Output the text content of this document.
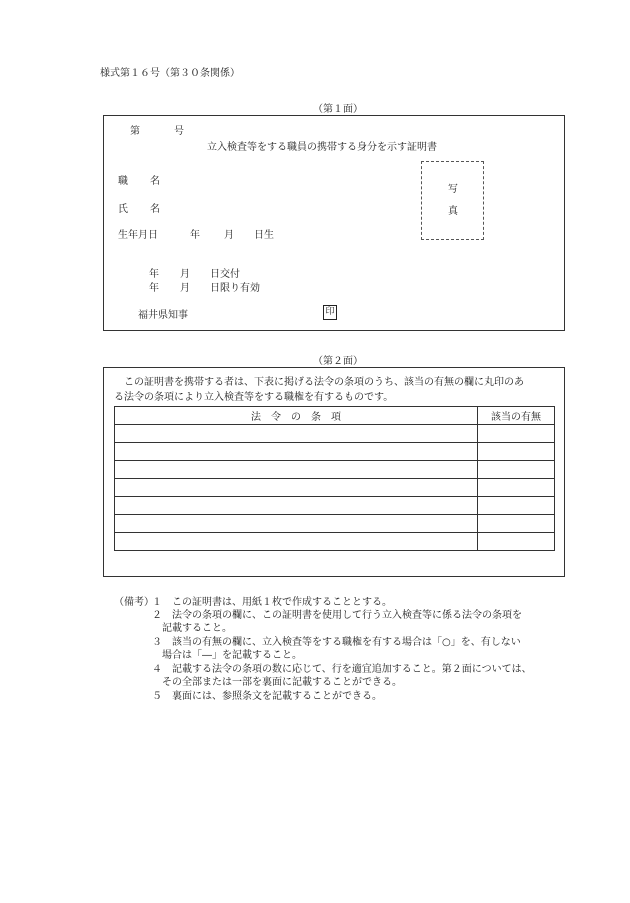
様式第１６号（第３０条関係）
（第１面）
第	号
立入検査等をする職員の携帯する身分を示す証明書
職 名
氏 名
生年月日	年 月 日生
写
真
年 月 日交付
年 月 日限り有効
福井県知事	印
（第２面）
この証明書を携帯する者は、下表に掲げる法令の条項のうち、該当の有無の欄に丸印のあ
る法令の条項により立入検査等をする職権を有するものです。
法　令　の　条　項	該当の有無

（備考）
１　この証明書は、用紙１枚で作成することとする。
２　法令の条項の欄に、この証明書を使用して行う立入検査等に係る法令の条項を
記載すること。
３　該当の有無の欄に、立入検査等をする職権を有する場合は「○」を、有しない
場合は「―」を記載すること。
４　記載する法令の条項の数に応じて、行を適宜追加すること。第２面については、
その全部または一部を裏面に記載することができる。
５　裏面には、参照条文を記載することができる。
